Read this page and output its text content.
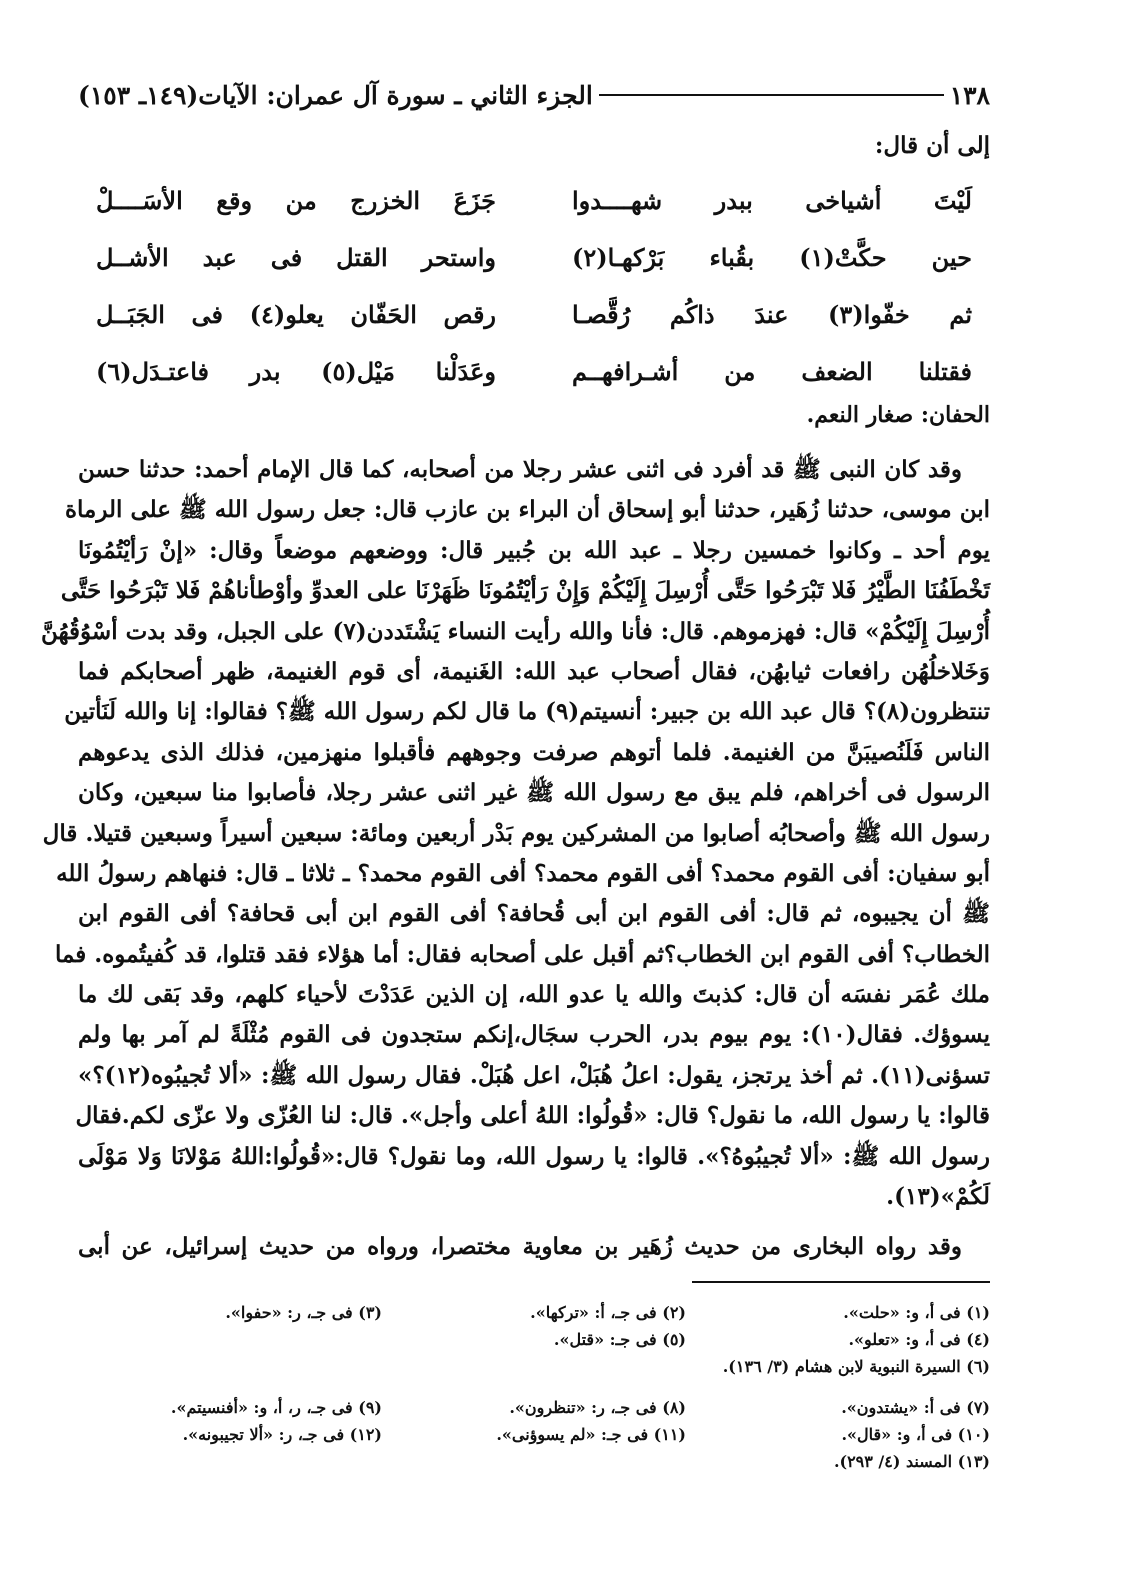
١٣٨
الجزء الثاني ـ سورة آل عمران: الآيات(١٤٩ـ ١٥٣)
إلى أن قال:
لَيْتَ أشياخى ببدر شهــــدوا
جَزَعَ الخزرج من وقع الأسَــــلْ
حين حكَّتْ(١) بقُباء بَرْكهـا(٢)
واستحر القتل فى عبد الأشــل
ثم خفّوا(٣) عندَ ذاكُم رُقَّصـا
رقص الحَفّان يعلو(٤) فى الجَبَــل
فقتلنا الضعف من أشـرافهــم
وعَدَلْنا مَيْل(٥) بدر فاعتـدَل(٦)
الحفان: صغار النعم.
وقد كان النبى ﷺ قد أفرد فى اثنى عشر رجلا من أصحابه، كما قال الإمام أحمد: حدثنا حسن
ابن موسى، حدثنا زُهَير، حدثنا أبو إسحاق أن البراء بن عازب قال: جعل رسول الله ﷺ على الرماة
يوم أحد ـ وكانوا خمسين رجلا ـ عبد الله بن جُبير قال: ووضعهم موضعاً وقال: «إنْ رَأيْتُمُونَا
تَخْطَفُنَا الطَّيْرُ فَلا تَبْرَحُوا حَتَّى أُرْسِلَ إِلَيْكُمْ وَإِنْ رَأيْتُمُونَا ظَهَرْنَا على العدوِّ وأوْطأناهُمْ فَلا تَبْرَحُوا حَتَّى
أُرْسِلَ إِلَيْكُمْ» قال: فهزموهم. قال: فأنا والله رأيت النساء يَشْتَددن(٧) على الجبل، وقد بدت أسْوُقُهُنَّ
وَخَلاخلُهُن رافعات ثيابهُن، فقال أصحاب عبد الله: الغَنيمة، أى قوم الغنيمة، ظهر أصحابكم فما
تنتظرون(٨)؟ قال عبد الله بن جبير: أنسيتم(٩) ما قال لكم رسول الله ﷺ؟ فقالوا: إنا والله لَنَأتين
الناس فَلَنُصيبَنَّ من الغنيمة. فلما أتوهم صرفت وجوههم فأقبلوا منهزمين، فذلك الذى يدعوهم
الرسول فى أخراهم، فلم يبق مع رسول الله ﷺ غير اثنى عشر رجلا، فأصابوا منا سبعين، وكان
رسول الله ﷺ وأصحابُه أصابوا من المشركين يوم بَدْر أربعين ومائة: سبعين أسيراً وسبعين قتيلا. قال
أبو سفيان: أفى القوم محمد؟ أفى القوم محمد؟ أفى القوم محمد؟ ـ ثلاثا ـ قال: فنهاهم رسولُ الله
ﷺ أن يجيبوه، ثم قال: أفى القوم ابن أبى قُحافة؟ أفى القوم ابن أبى قحافة؟ أفى القوم ابن
الخطاب؟ أفى القوم ابن الخطاب؟ثم أقبل على أصحابه فقال: أما هؤلاء فقد قتلوا، قد كُفيتُموه. فما
ملك عُمَر نفسَه أن قال: كذبتَ والله يا عدو الله، إن الذين عَدَدْتَ لأحياء كلهم، وقد بَقى لك ما
يسوؤك. فقال(١٠): يوم بيوم بدر، الحرب سجَال،إنكم ستجدون فى القوم مُثْلَةً لم آمر بها ولم
تسؤنى(١١). ثم أخذ يرتجز، يقول: اعلُ هُبَلْ، اعل هُبَلْ. فقال رسول الله ﷺ: «ألا تُجيبُوه(١٢)؟»
قالوا: يا رسول الله، ما نقول؟ قال: «قُولُوا: اللهُ أعلى وأجل». قال: لنا العُزّى ولا عزّى لكم.فقال
رسول الله ﷺ: «ألا تُجيبُوهُ؟». قالوا: يا رسول الله، وما نقول؟ قال:«قُولُوا:اللهُ مَوْلانَا وَلا مَوْلَى
لَكُمْ»(١٣).
وقد رواه البخارى من حديث زُهَير بن معاوية مختصرا، ورواه من حديث إسرائيل، عن أبى
(١) فى أ، و: «حلت».
(٢) فى جـ، أ: «تركها».
(٣) فى جـ، ر: «حفوا».
(٤) فى أ، و: «تعلو».
(٥) فى جـ: «قتل».
(٦) السيرة النبوية لابن هشام (٣/ ١٣٦).
(٧) فى أ: «يشتدون».
(٨) فى جـ، ر: «تنظرون».
(٩) فى جـ، ر، أ، و: «أفنسيتم».
(١٠) فى أ، و: «قال».
(١١) فى جـ: «لم يسوؤنى».
(١٢) فى جـ، ر: «ألا تجيبونه».
(١٣) المسند (٤/ ٢٩٣).
